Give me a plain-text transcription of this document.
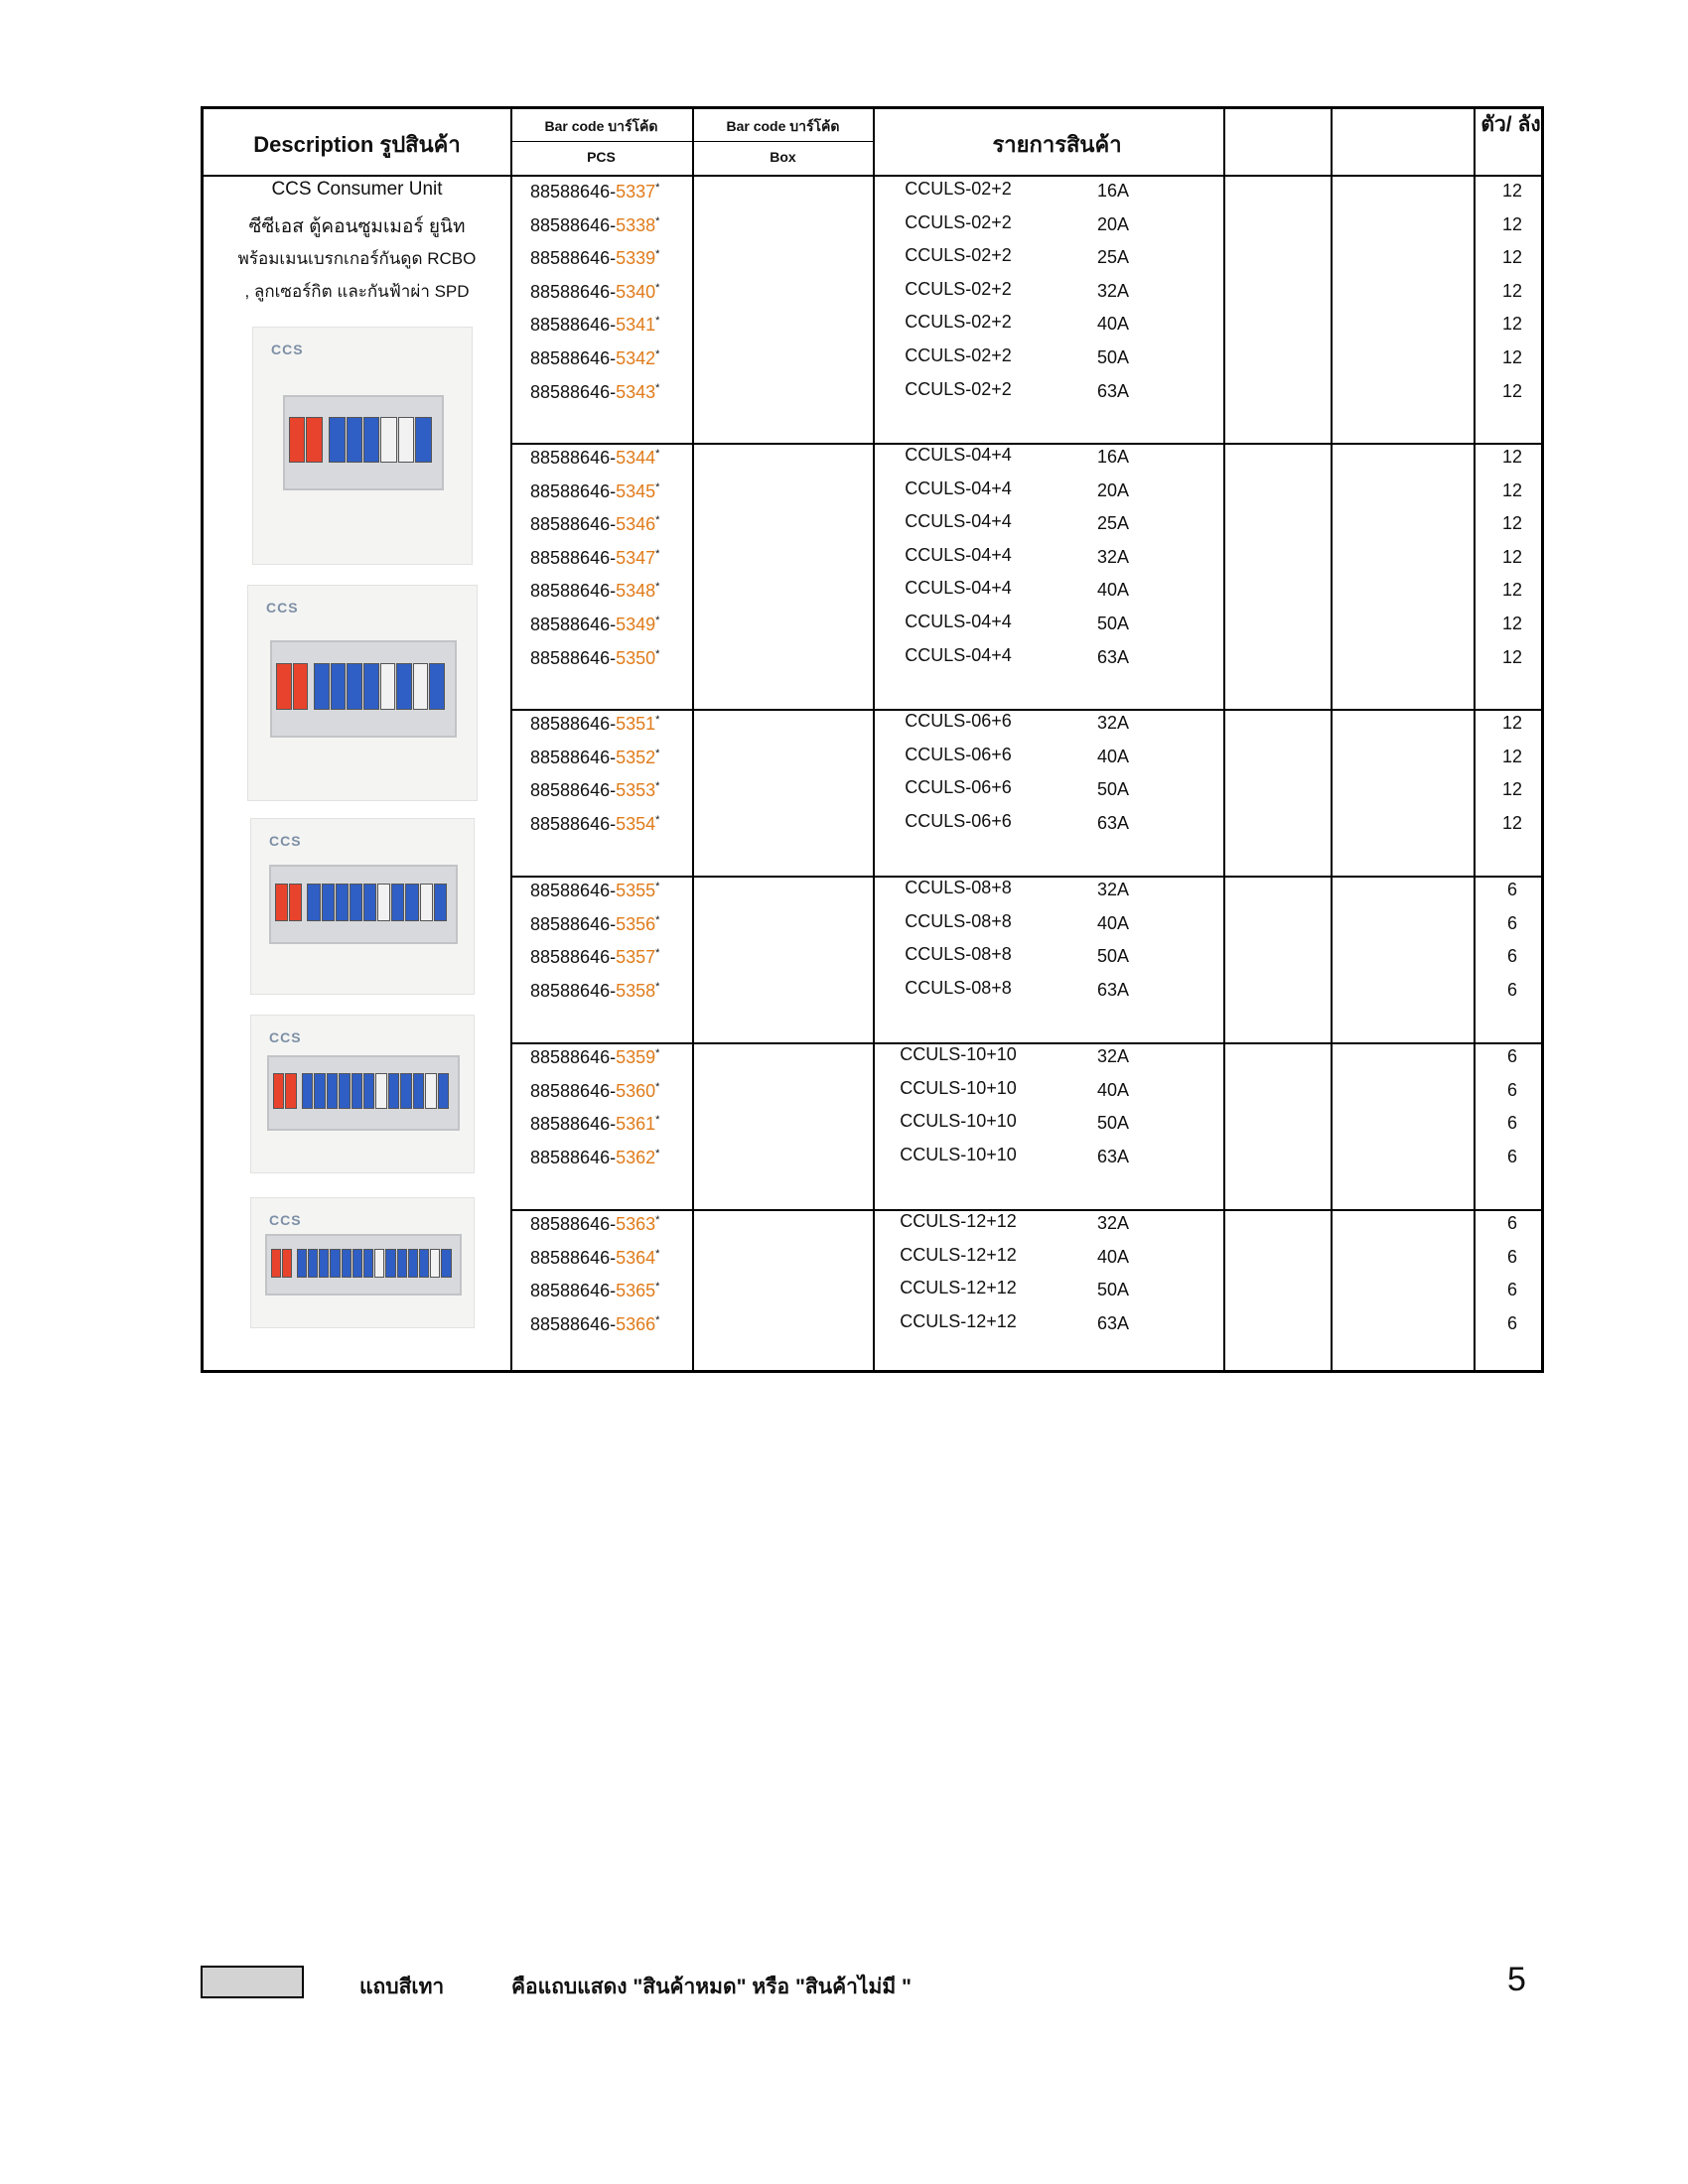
Description รูปสินค้า
Bar code บาร์โค้ด
PCS
Bar code บาร์โค้ด
Box	รายการสินค้า
ตัว/ ลัง
CCS Consumer Unit
ซีซีเอส ตู้คอนซูมเมอร์ ยูนิท
พร้อมเมนเบรกเกอร์กันดูด RCBO
, ลูกเซอร์กิต และกันฟ้าผ่า SPD
CCS
CCS
CCS
CCS
CCS
88588646-5337*	CCULS-02+2	16A	12
88588646-5338*	CCULS-02+2	20A	12
88588646-5339*	CCULS-02+2	25A	12
88588646-5340*	CCULS-02+2	32A	12
88588646-5341*	CCULS-02+2	40A	12
88588646-5342*	CCULS-02+2	50A	12
88588646-5343*	CCULS-02+2	63A	12
88588646-5344*	CCULS-04+4	16A	12
88588646-5345*	CCULS-04+4	20A	12
88588646-5346*	CCULS-04+4	25A	12
88588646-5347*	CCULS-04+4	32A	12
88588646-5348*	CCULS-04+4	40A	12
88588646-5349*	CCULS-04+4	50A	12
88588646-5350*	CCULS-04+4	63A	12
88588646-5351*	CCULS-06+6	32A	12
88588646-5352*	CCULS-06+6	40A	12
88588646-5353*	CCULS-06+6	50A	12
88588646-5354*	CCULS-06+6	63A	12
88588646-5355*	CCULS-08+8	32A	6
88588646-5356*	CCULS-08+8	40A	6
88588646-5357*	CCULS-08+8	50A	6
88588646-5358*	CCULS-08+8	63A	6
88588646-5359*	CCULS-10+10	32A	6
88588646-5360*	CCULS-10+10	40A	6
88588646-5361*	CCULS-10+10	50A	6
88588646-5362*	CCULS-10+10	63A	6
88588646-5363*	CCULS-12+12	32A	6
88588646-5364*	CCULS-12+12	40A	6
88588646-5365*	CCULS-12+12	50A	6
88588646-5366*	CCULS-12+12	63A	6
แถบสีเทา	คือแถบแสดง "สินค้าหมด" หรือ "สินค้าไม่มี "	5
